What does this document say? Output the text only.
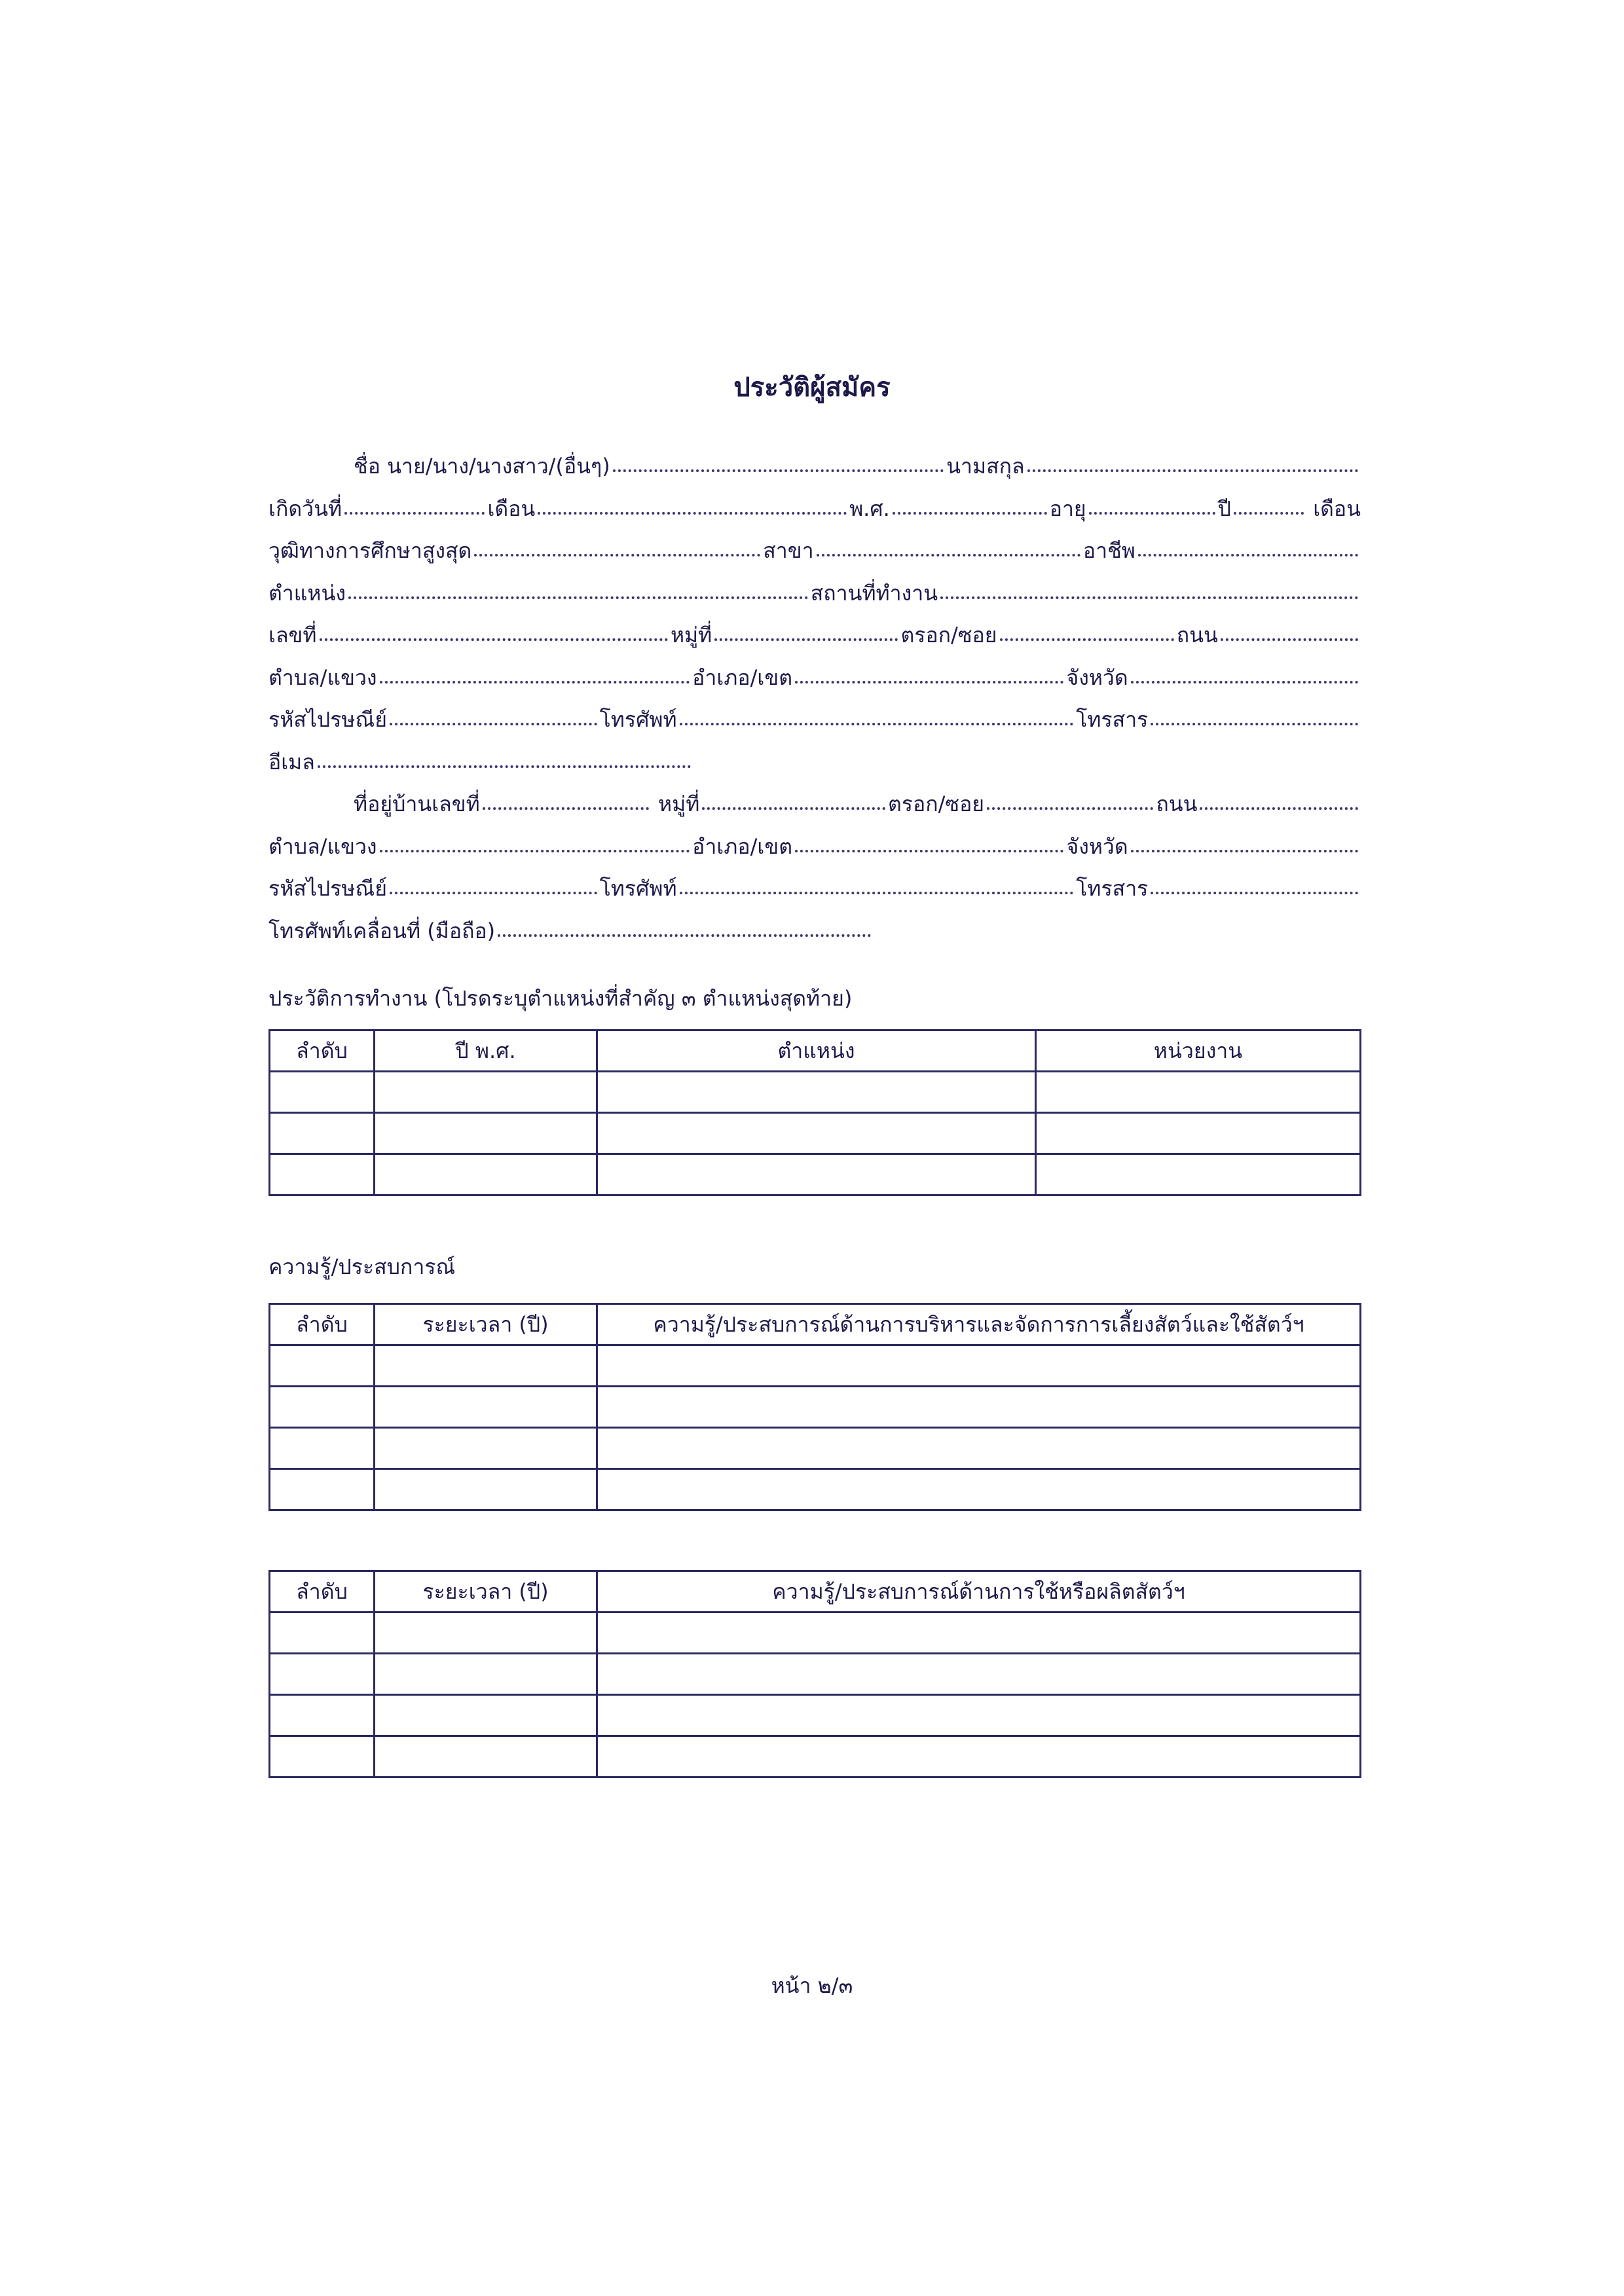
ประวัติผู้สมัคร
ชื่อ นาย/นาง/นางสาว/(อื่นๆ)	นามสกุล
เกิดวันที่	เดือน	พ.ศ.	อายุ	ปี	เดือน
วุฒิทางการศึกษาสูงสุด	สาขา	อาชีพ
ตำแหน่ง	สถานที่ทำงาน
เลขที่	หมู่ที่	ตรอก/ซอย	ถนน
ตำบล/แขวง	อำเภอ/เขต	จังหวัด
รหัสไปรษณีย์	โทรศัพท์	โทรสาร
อีเมล
ที่อยู่บ้านเลขที่	หมู่ที่	ตรอก/ซอย	ถนน
ตำบล/แขวง	อำเภอ/เขต	จังหวัด
รหัสไปรษณีย์	โทรศัพท์	โทรสาร
โทรศัพท์เคลื่อนที่ (มือถือ)
ประวัติการทำงาน (โปรดระบุตำแหน่งที่สำคัญ ๓ ตำแหน่งสุดท้าย)
ลำดับ	ปี พ.ศ.	ตำแหน่ง	หน่วยงาน

ความรู้/ประสบการณ์
ลำดับ	ระยะเวลา (ปี)	ความรู้/ประสบการณ์ด้านการบริหารและจัดการการเลี้ยงสัตว์และใช้สัตว์ฯ

ลำดับ	ระยะเวลา (ปี)	ความรู้/ประสบการณ์ด้านการใช้หรือผลิตสัตว์ฯ

หน้า ๒/๓
